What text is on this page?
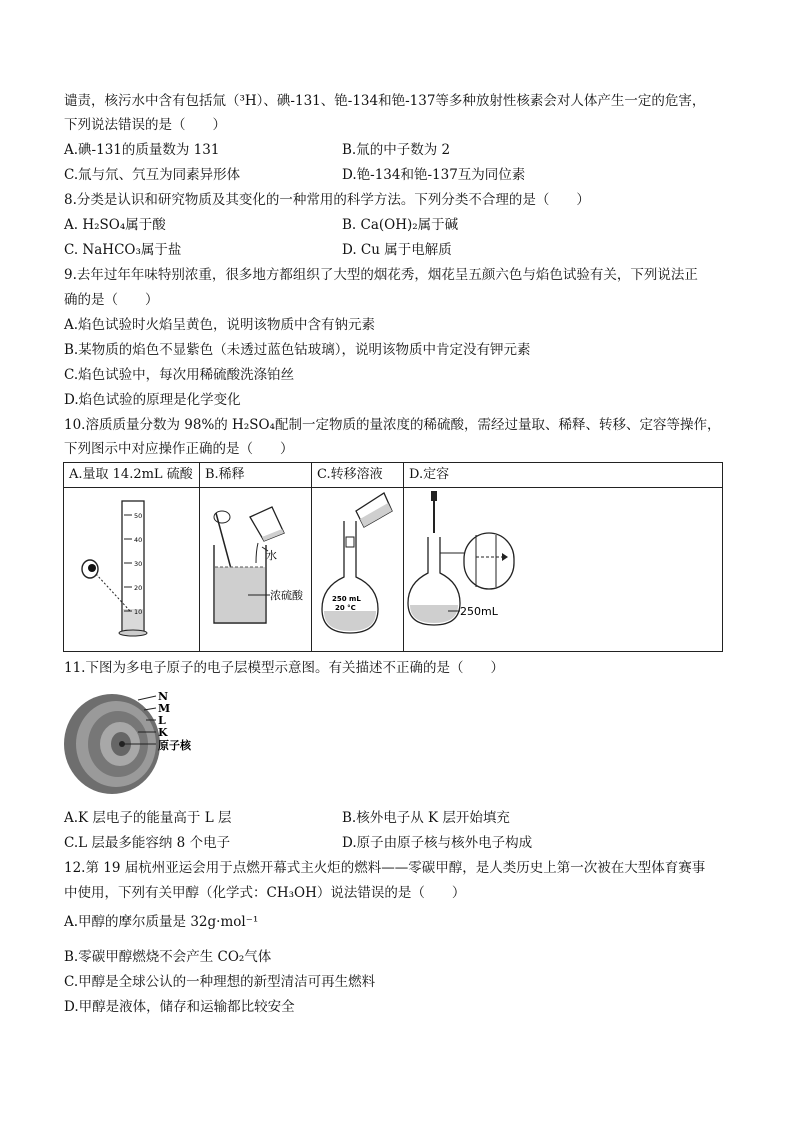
谴责，核污水中含有包括氚（³H）、碘-131、铯-134和铯-137等多种放射性核素会对人体产生一定的危害，
下列说法错误的是（　　）
A.碘-131的质量数为 131	B.氚的中子数为 2
C.氚与氘、氕互为同素异形体	D.铯-134和铯-137互为同位素
8.分类是认识和研究物质及其变化的一种常用的科学方法。下列分类不合理的是（　　）
A. H₂SO₄属于酸	B. Ca(OH)₂属于碱
C. NaHCO₃属于盐	D. Cu 属于电解质
9.去年过年年味特别浓重，很多地方都组织了大型的烟花秀，烟花呈五颜六色与焰色试验有关，下列说法正
确的是（　　）
A.焰色试验时火焰呈黄色，说明该物质中含有钠元素
B.某物质的焰色不显紫色（未透过蓝色钴玻璃），说明该物质中肯定没有钾元素
C.焰色试验中，每次用稀硫酸洗涤铂丝
D.焰色试验的原理是化学变化
10.溶质质量分数为 98%的 H₂SO₄配制一定物质的量浓度的稀硫酸，需经过量取、稀释、转移、定容等操作，
下列图示中对应操作正确的是（　　）
A.量取 14.2mL 硫酸
50
40
30
20
10
B.稀释
水
浓硫酸
C.转移溶液
250 mL
20 °C
D.定容
250mL
11.下图为多电子原子的电子层模型示意图。有关描述不正确的是（　　）
N
M
L
K
原子核
A.K 层电子的能量高于 L 层	B.核外电子从 K 层开始填充
C.L 层最多能容纳 8 个电子	D.原子由原子核与核外电子构成
12.第 19 届杭州亚运会用于点燃开幕式主火炬的燃料——零碳甲醇，是人类历史上第一次被在大型体育赛事
中使用，下列有关甲醇（化学式：CH₃OH）说法错误的是（　　）
A.甲醇的摩尔质量是 32g·mol⁻¹
B.零碳甲醇燃烧不会产生 CO₂气体
C.甲醇是全球公认的一种理想的新型清洁可再生燃料
D.甲醇是液体，储存和运输都比较安全
